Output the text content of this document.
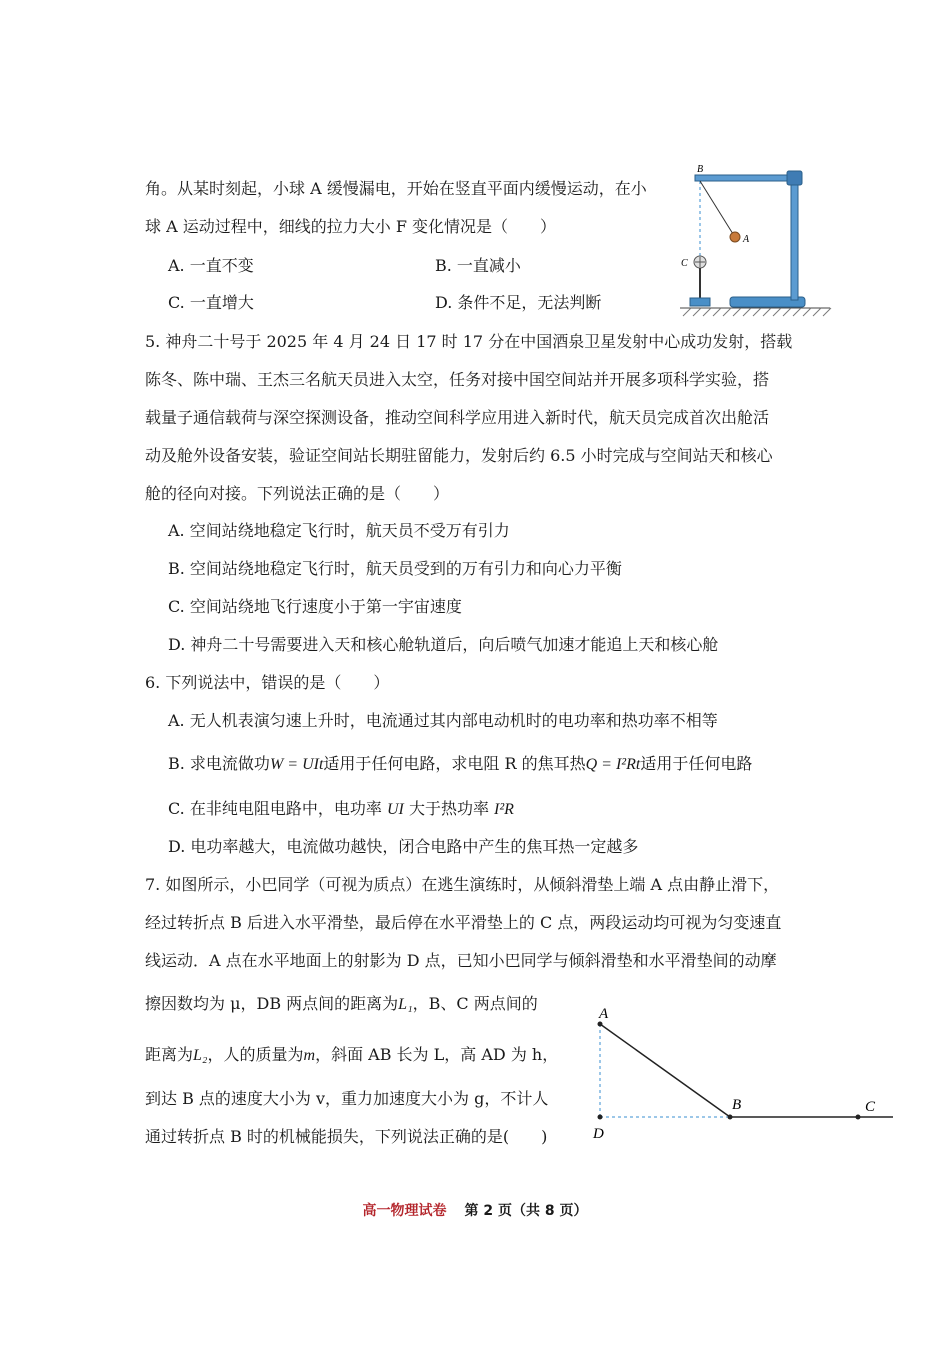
角。从某时刻起，小球 A 缓慢漏电，开始在竖直平面内缓慢运动，在小
球 A 运动过程中，细线的拉力大小 F 变化情况是（　　）
A. 一直不变	B. 一直减小
C. 一直增大	D. 条件不足，无法判断
B
A
C
5. 神舟二十号于 2025 年 4 月 24 日 17 时 17 分在中国酒泉卫星发射中心成功发射，搭载
陈冬、陈中瑞、王杰三名航天员进入太空，任务对接中国空间站并开展多项科学实验，搭
载量子通信载荷与深空探测设备，推动空间科学应用进入新时代，航天员完成首次出舱活
动及舱外设备安装，验证空间站长期驻留能力，发射后约 6.5 小时完成与空间站天和核心
舱的径向对接。下列说法正确的是（　　）
A. 空间站绕地稳定飞行时，航天员不受万有引力
B. 空间站绕地稳定飞行时，航天员受到的万有引力和向心力平衡
C. 空间站绕地飞行速度小于第一宇宙速度
D. 神舟二十号需要进入天和核心舱轨道后，向后喷气加速才能追上天和核心舱
6. 下列说法中，错误的是（　　）
A. 无人机表演匀速上升时，电流通过其内部电动机时的电功率和热功率不相等
B. 求电流做功W = UIt适用于任何电路，求电阻 R 的焦耳热Q = I²Rt适用于任何电路
C. 在非纯电阻电路中，电功率 UI 大于热功率 I²R
D. 电功率越大，电流做功越快，闭合电路中产生的焦耳热一定越多
7. 如图所示，小巴同学（可视为质点）在逃生演练时，从倾斜滑垫上端 A 点由静止滑下，
经过转折点 B 后进入水平滑垫，最后停在水平滑垫上的 C 点，两段运动均可视为匀变速直
线运动．A 点在水平地面上的射影为 D 点，已知小巴同学与倾斜滑垫和水平滑垫间的动摩
擦因数均为 μ，DB 两点间的距离为L₁，B、C 两点间的
距离为L₂，人的质量为m，斜面 AB 长为 L，高 AD 为 h，
到达 B 点的速度大小为 v，重力加速度大小为 g，不计人
通过转折点 B 时的机械能损失，下列说法正确的是(　　)
A
B	C
D
高一物理试卷 第 2 页（共 8 页）
